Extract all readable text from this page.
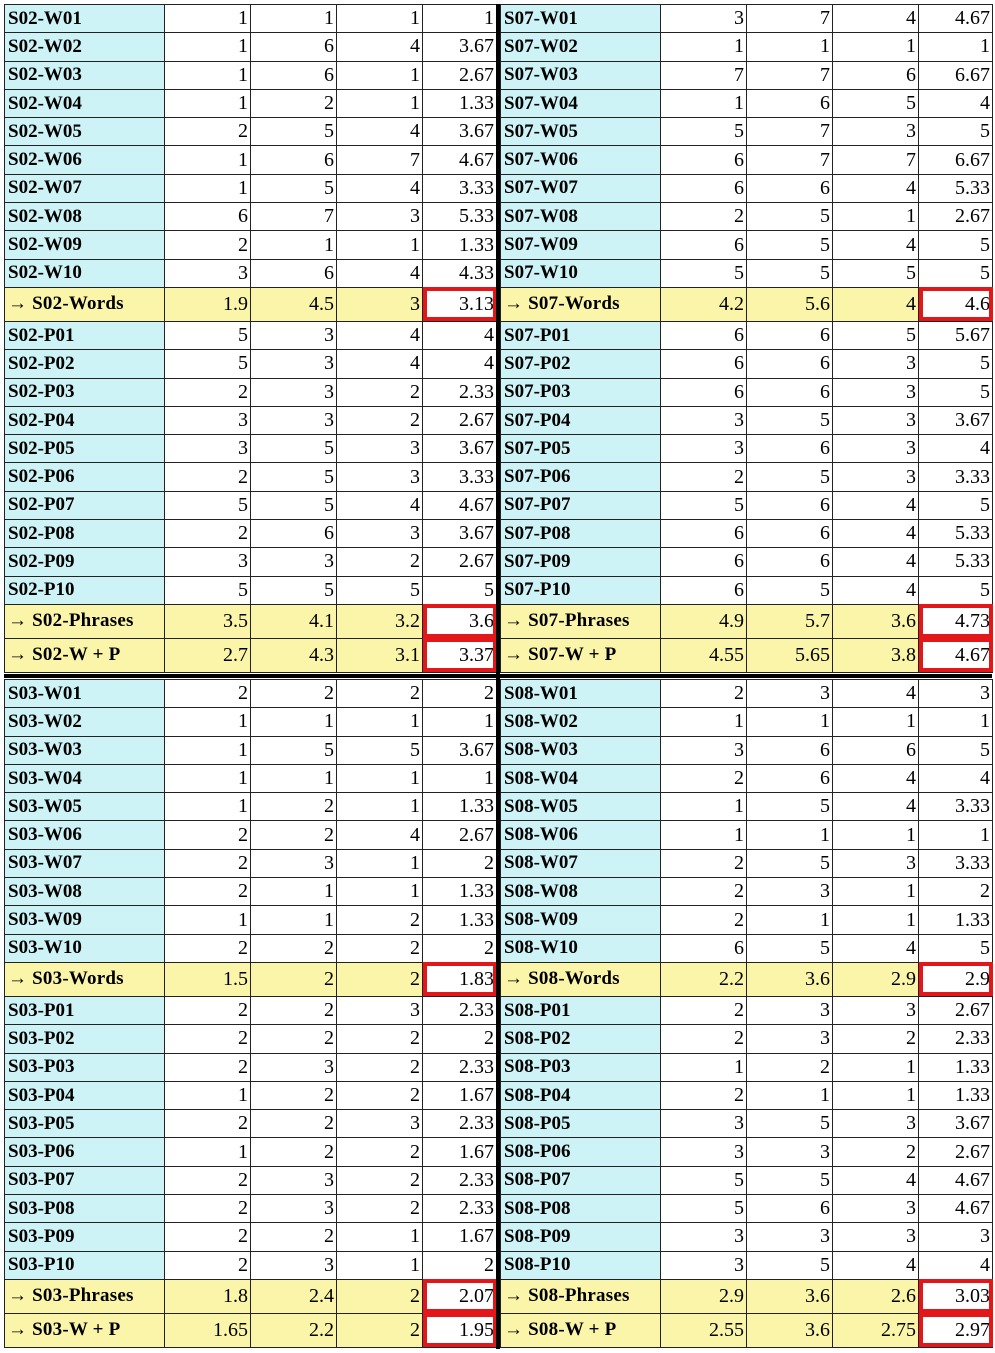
S02-W01	1	1	1	1
S02-W02	1	6	4	3.67
S02-W03	1	6	1	2.67
S02-W04	1	2	1	1.33
S02-W05	2	5	4	3.67
S02-W06	1	6	7	4.67
S02-W07	1	5	4	3.33
S02-W08	6	7	3	5.33
S02-W09	2	1	1	1.33
S02-W10	3	6	4	4.33
→ S02-Words	1.9	4.5	3	3.13
S02-P01	5	3	4	4
S02-P02	5	3	4	4
S02-P03	2	3	2	2.33
S02-P04	3	3	2	2.67
S02-P05	3	5	3	3.67
S02-P06	2	5	3	3.33
S02-P07	5	5	4	4.67
S02-P08	2	6	3	3.67
S02-P09	3	3	2	2.67
S02-P10	5	5	5	5
→ S02-Phrases	3.5	4.1	3.2	3.6
→ S02-W + P	2.7	4.3	3.1	3.37
S07-W01	3	7	4	4.67
S07-W02	1	1	1	1
S07-W03	7	7	6	6.67
S07-W04	1	6	5	4
S07-W05	5	7	3	5
S07-W06	6	7	7	6.67
S07-W07	6	6	4	5.33
S07-W08	2	5	1	2.67
S07-W09	6	5	4	5
S07-W10	5	5	5	5
→ S07-Words	4.2	5.6	4	4.6
S07-P01	6	6	5	5.67
S07-P02	6	6	3	5
S07-P03	6	6	3	5
S07-P04	3	5	3	3.67
S07-P05	3	6	3	4
S07-P06	2	5	3	3.33
S07-P07	5	6	4	5
S07-P08	6	6	4	5.33
S07-P09	6	6	4	5.33
S07-P10	6	5	4	5
→ S07-Phrases	4.9	5.7	3.6	4.73
→ S07-W + P	4.55	5.65	3.8	4.67
S03-W01	2	2	2	2
S03-W02	1	1	1	1
S03-W03	1	5	5	3.67
S03-W04	1	1	1	1
S03-W05	1	2	1	1.33
S03-W06	2	2	4	2.67
S03-W07	2	3	1	2
S03-W08	2	1	1	1.33
S03-W09	1	1	2	1.33
S03-W10	2	2	2	2
→ S03-Words	1.5	2	2	1.83
S03-P01	2	2	3	2.33
S03-P02	2	2	2	2
S03-P03	2	3	2	2.33
S03-P04	1	2	2	1.67
S03-P05	2	2	3	2.33
S03-P06	1	2	2	1.67
S03-P07	2	3	2	2.33
S03-P08	2	3	2	2.33
S03-P09	2	2	1	1.67
S03-P10	2	3	1	2
→ S03-Phrases	1.8	2.4	2	2.07
→ S03-W + P	1.65	2.2	2	1.95
S08-W01	2	3	4	3
S08-W02	1	1	1	1
S08-W03	3	6	6	5
S08-W04	2	6	4	4
S08-W05	1	5	4	3.33
S08-W06	1	1	1	1
S08-W07	2	5	3	3.33
S08-W08	2	3	1	2
S08-W09	2	1	1	1.33
S08-W10	6	5	4	5
→ S08-Words	2.2	3.6	2.9	2.9
S08-P01	2	3	3	2.67
S08-P02	2	3	2	2.33
S08-P03	1	2	1	1.33
S08-P04	2	1	1	1.33
S08-P05	3	5	3	3.67
S08-P06	3	3	2	2.67
S08-P07	5	5	4	4.67
S08-P08	5	6	3	4.67
S08-P09	3	3	3	3
S08-P10	3	5	4	4
→ S08-Phrases	2.9	3.6	2.6	3.03
→ S08-W + P	2.55	3.6	2.75	2.97
